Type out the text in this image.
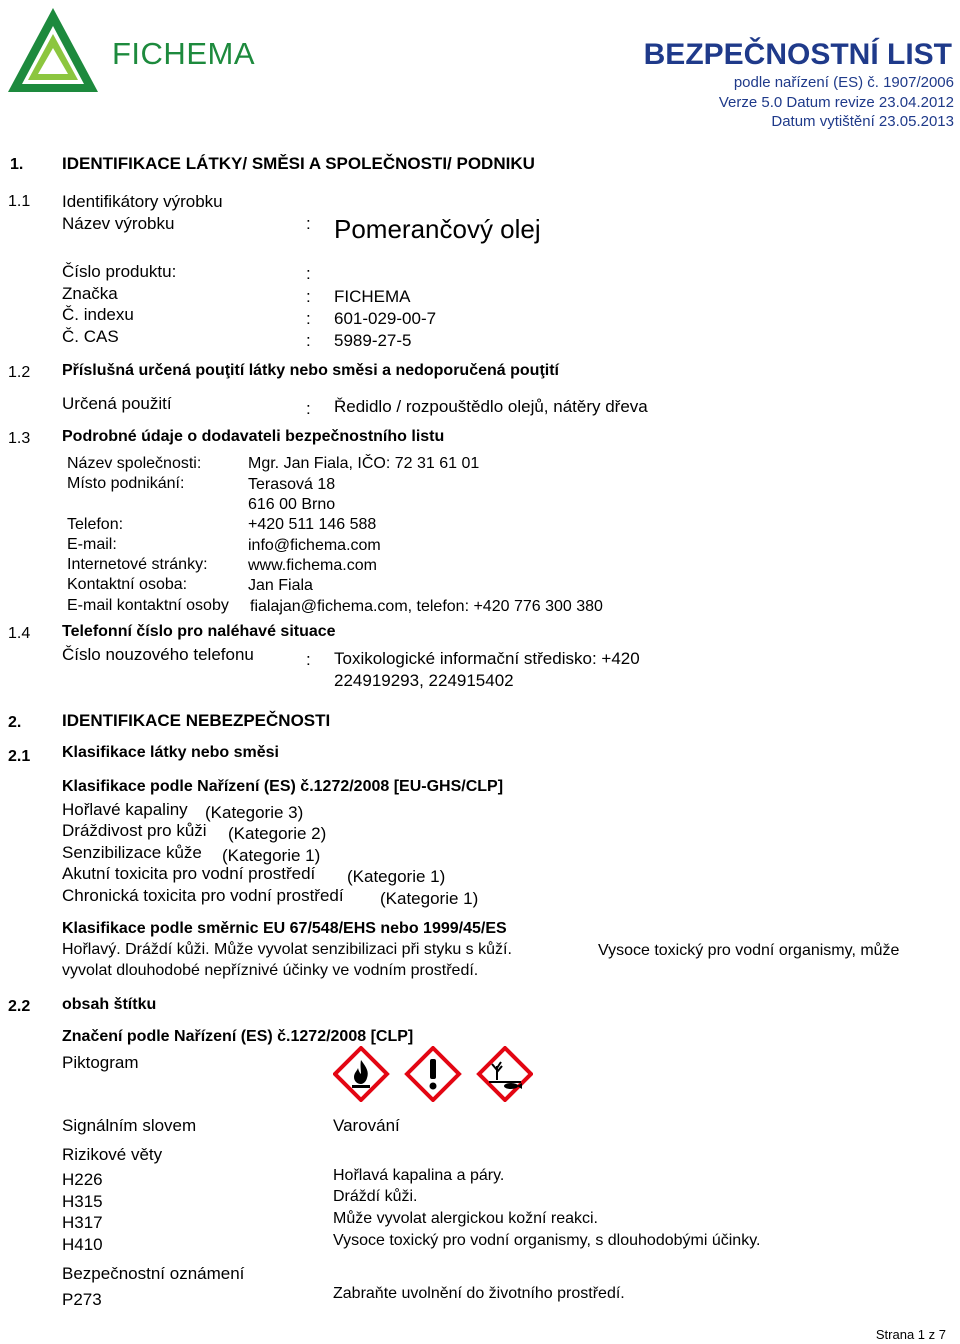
FICHEMA	BEZPEČNOSTNÍ LIST
podle nařízení (ES) č. 1907/2006
Verze 5.0 Datum revize 23.04.2012
Datum vytištění 23.05.2013
1. IDENTIFIKACE LÁTKY/ SMĚSI A SPOLEČNOSTI/ PODNIKU
1.1 Identifikátory výrobku
Název výrobku	: Pomerančový olej
Číslo produktu:	:
Značka	: FICHEMA
Č. indexu	: 601-029-00-7
Č. CAS	: 5989-27-5
1.2 Příslušná určená pouţití látky nebo směsi a nedoporučená pouţití
Určená použití	: Ředidlo / rozpouštědlo olejů, nátěry dřeva
1.3 Podrobné údaje o dodavateli bezpečnostního listu
Název společnosti:	Mgr. Jan Fiala, IČO: 72 31 61 01
Místo podnikání:	Terasová 18
616 00 Brno
Telefon:	+420 511 146 588
E-mail:	info@fichema.com
Internetové stránky:	www.fichema.com
Kontaktní osoba:	Jan Fiala
E-mail kontaktní osoby fialajan@fichema.com, telefon: +420 776 300 380
1.4 Telefonní číslo pro naléhavé situace
Číslo nouzového telefonu	: Toxikologické informační středisko: +420
224919293, 224915402
2. IDENTIFIKACE NEBEZPEČNOSTI
2.1 Klasifikace látky nebo směsi
Klasifikace podle Nařízení (ES) č.1272/2008 [EU-GHS/CLP]
Hořlavé kapaliny (Kategorie 3)
Dráždivost pro kůži (Kategorie 2)
Senzibilizace kůže (Kategorie 1)
Akutní toxicita pro vodní prostředí (Kategorie 1)
Chronická toxicita pro vodní prostředí (Kategorie 1)
Klasifikace podle směrnic EU 67/548/EHS nebo 1999/45/ES
Hořlavý. Dráždí kůži. Může vyvolat senzibilizaci při styku s kůží.	Vysoce toxický pro vodní organismy, může
vyvolat dlouhodobé nepříznivé účinky ve vodním prostředí.
2.2 obsah štítku
Značení podle Nařízení (ES) č.1272/2008 [CLP]
Piktogram
Signálním slovem	Varování
Rizikové věty
H226	Hořlavá kapalina a páry.
H315	Dráždí kůži.
H317	Může vyvolat alergickou kožní reakci.
H410	Vysoce toxický pro vodní organismy, s dlouhodobými účinky.
Bezpečnostní oznámení
P273	Zabraňte uvolnění do životního prostředí.
Strana 1 z 7
